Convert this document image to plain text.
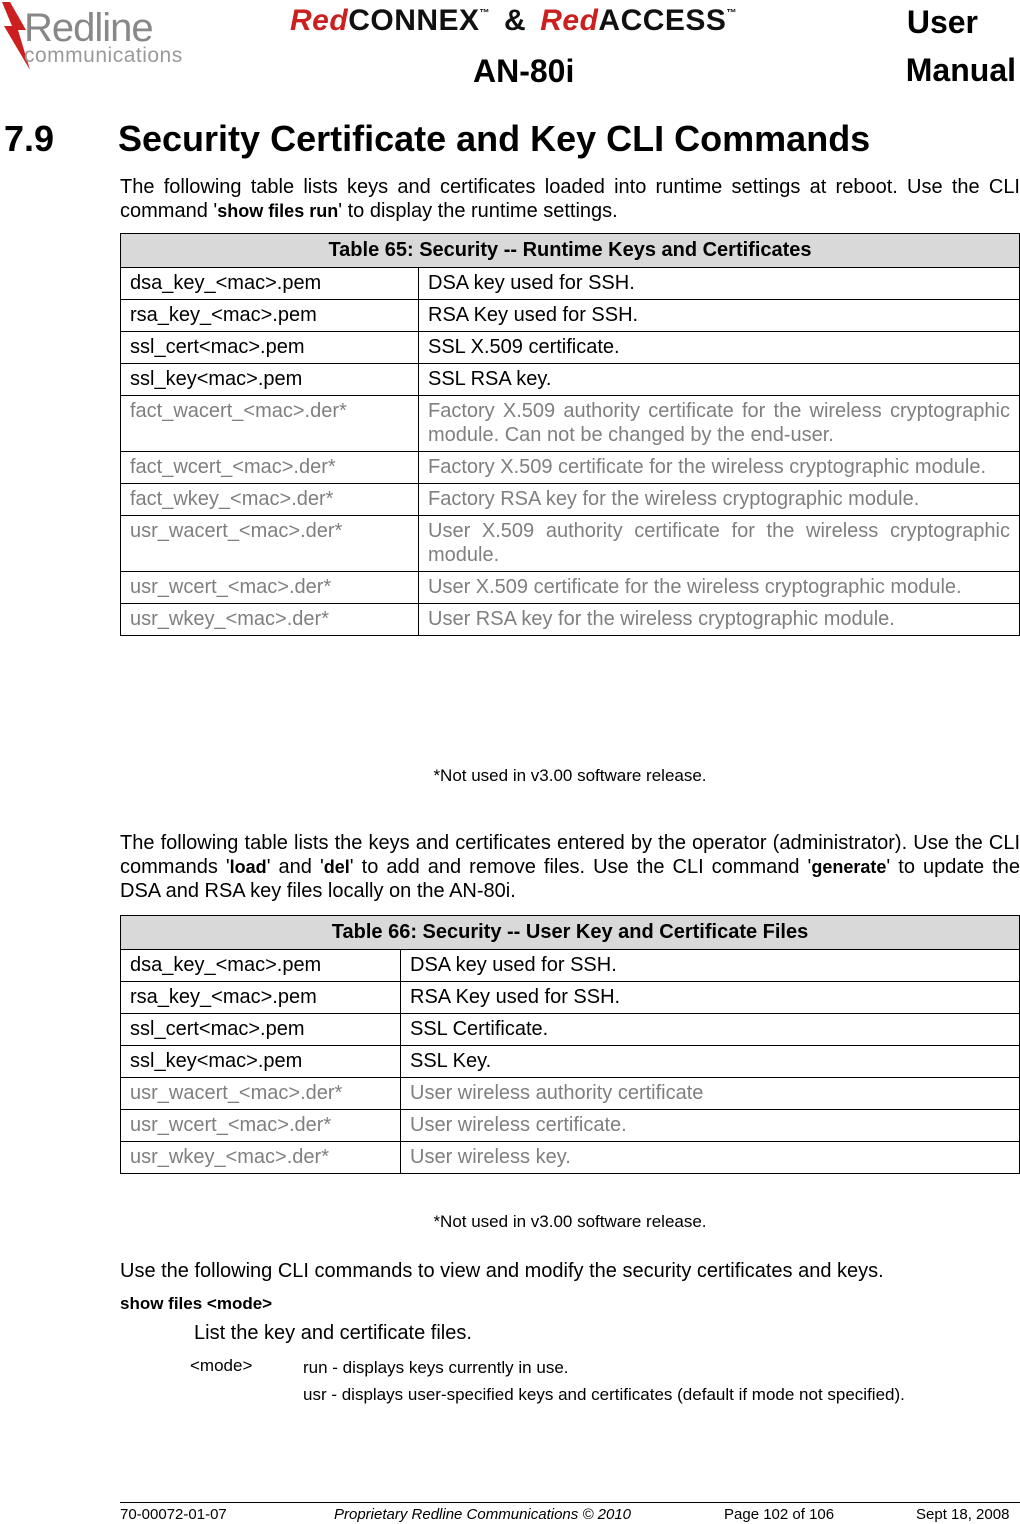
Redline
communications
RedCONNEX™ & RedACCESS™
AN-80i
User
Manual
7.9 Security Certificate and Key CLI Commands
The following table lists keys and certificates loaded into runtime settings at reboot. Use the CLI command 'show files run' to display the runtime settings.
Table 65: Security -- Runtime Keys and Certificates	
dsa_key_<mac>.pem	DSA key used for SSH.
rsa_key_<mac>.pem	RSA Key used for SSH.
ssl_cert<mac>.pem	SSL X.509 certificate.
ssl_key<mac>.pem	SSL RSA key.
fact_wacert_<mac>.der*	Factory X.509 authority certificate for the wireless cryptographic module. Can not be changed by the end-user.
fact_wcert_<mac>.der*	Factory X.509 certificate for the wireless cryptographic module.
fact_wkey_<mac>.der*	Factory RSA key for the wireless cryptographic module.
usr_wacert_<mac>.der*	User X.509 authority certificate for the wireless cryptographic module.
usr_wcert_<mac>.der*	User X.509 certificate for the wireless cryptographic module.
usr_wkey_<mac>.der*	User RSA key for the wireless cryptographic module.
*Not used in v3.00 software release.
The following table lists the keys and certificates entered by the operator (administrator). Use the CLI commands 'load' and 'del' to add and remove files. Use the CLI command 'generate' to update the DSA and RSA key files locally on the AN-80i.
Table 66: Security -- User Key and Certificate Files	
dsa_key_<mac>.pem	DSA key used for SSH.
rsa_key_<mac>.pem	RSA Key used for SSH.
ssl_cert<mac>.pem	SSL Certificate.
ssl_key<mac>.pem	SSL Key.
usr_wacert_<mac>.der*	User wireless authority certificate
usr_wcert_<mac>.der*	User wireless certificate.
usr_wkey_<mac>.der*	User wireless key.
*Not used in v3.00 software release.
Use the following CLI commands to view and modify the security certificates and keys.
show files <mode>
List the key and certificate files.
<mode>	run - displays keys currently in use.
usr - displays user-specified keys and certificates (default if mode not specified).
70-00072-01-07	Proprietary Redline Communications © 2010	Page 102 of 106	Sept 18, 2008
